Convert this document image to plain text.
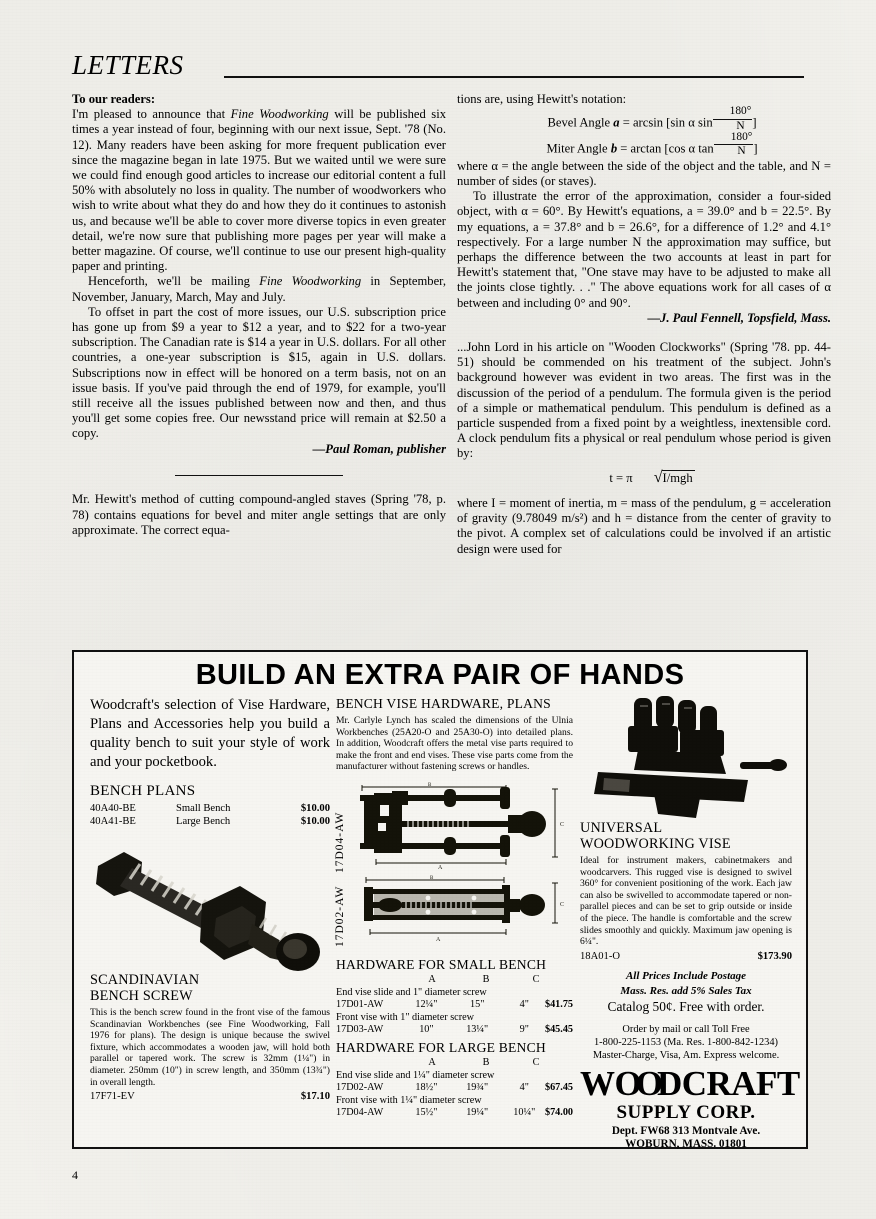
LETTERS

To our readers:

I'm pleased to announce that Fine Woodworking will be published six times a year instead of four, beginning with our next issue, Sept. '78 (No. 12). Many readers have been asking for more frequent publication ever since the magazine began in late 1975. But we waited until we were sure we could find enough good articles to increase our editorial content a full 50% with absolutely no loss in quality. The number of woodworkers who wish to write about what they do and how they do it continues to astonish us, and because we'll be able to cover more diverse topics in even greater detail, we're now sure that publishing more pages per year will make a better magazine. Of course, we'll continue to use our present high-quality paper and printing.

Henceforth, we'll be mailing Fine Woodworking in September, November, January, March, May and July.

To offset in part the cost of more issues, our U.S. subscription price has gone up from $9 a year to $12 a year, and to $22 for a two-year subscription. The Canadian rate is $14 a year in U.S. dollars. For all other countries, a one-year subscription is $15, again in U.S. dollars. Subscriptions now in effect will be honored on a term basis, not on an issue basis. If you've paid through the end of 1979, for example, you'll still receive all the issues published between now and then, and thus you'll get some copies free. Our newsstand price will remain at $2.50 a copy.

—Paul Roman, publisher

Mr. Hewitt's method of cutting compound-angled staves (Spring '78, p. 78) contains equations for bevel and miter angle settings that are only approximate. The correct equa-

tions are, using Hewitt's notation:

Bevel Angle a = arcsin [sin α $\sin \frac{180^\circ}{N}$ ]

Miter Angle b = arctan [cos α $\tan \frac{180^\circ}{N}$ ]

where α = the angle between the side of the object and the table, and N = number of sides (or staves).

To illustrate the error of the approximation, consider a four-sided object, with α = 60°. By Hewitt's equations, a = 39.0° and b = 22.5°. By my equations, a = 37.8° and b = 26.6°, for a difference of 1.2° and 4.1° respectively. For a large number N the approximation may suffice, but perhaps the difference between the two accounts at least in part for Hewitt's statement that, "One stave may have to be adjusted to make all the joints close tightly. . ." The above equations work for all cases of α between and including 0° and 90°.

—J. Paul Fennell, Topsfield, Mass.

...John Lord in his article on "Wooden Clockworks" (Spring '78. pp. 44-51) should be commended on his treatment of the subject. John's background however was evident in two areas. The first was in the discussion of the period of a pendulum. The formula given is the period of a simple or mathematical pendulum. This pendulum is defined as a particle suspended from a fixed point by a weightless, inextensible cord. A clock pendulum fits a physical or real pendulum whose period is given by:

t = π √I/mgh

where I = moment of inertia, m = mass of the pendulum, g = acceleration of gravity (9.78049 m/s²) and h = distance from the center of gravity to the pivot. A complex set of calculations could be involved if an artistic design were used for

BUILD AN EXTRA PAIR OF HANDS
Woodcraft's selection of Vise Hardware, Plans and Accessories help you build a quality bench to suit your style of work and your pocketbook.
BENCH PLANS
40A40-BE	Small Bench	$10.00
40A41-BE	Large Bench	$10.00
SCANDINAVIAN
BENCH SCREW
This is the bench screw found in the front vise of the famous Scandinavian Workbenches (see Fine Woodworking, Fall 1976 for plans). The design is unique because the swivel fixture, which accommodates a wooden jaw, will hold both parallel or tapered work. The screw is 32mm (1¼") in diameter. 250mm (10") in screw length, and 350mm (13¾") in overall length.
17F71-EV	$17.10
BENCH VISE HARDWARE, PLANS
Mr. Carlyle Lynch has scaled the dimensions of the Ulnia Workbenches (25A20-O and 25A30-O) into detailed plans. In addition, Woodcraft offers the metal vise parts required to make the front and end vises. These vise parts come from the manufacturer without fastening screws or handles.
17D04-AW
17D02-AW
B
C
A
B
C
A
HARDWARE FOR SMALL BENCH
A	B	C
End vise slide and 1" diameter screw
17D01-AW	12¼"	15"	4"	$41.75
Front vise with 1" diameter screw
17D03-AW	10"	13¼"	9"	$45.45
HARDWARE FOR LARGE BENCH
A	B	C
End vise slide and 1¼" diameter screw
17D02-AW	18½"	19¾"	4"	$67.45
Front vise with 1¼" diameter screw
17D04-AW	15½"	19¼"	10¼" $74.00
UNIVERSAL
WOODWORKING VISE
Ideal for instrument makers, cabinetmakers and woodcarvers. This rugged vise is designed to swivel 360° for convenient positioning of the work. Each jaw can also be swivelled to accommodate tapered or non-parallel pieces and can be set to grip outside or inside of the piece. The handle is comfortable and the screw slides smoothly and quickly. Maximum jaw opening is 6¼".
18A01-O	$173.90
All Prices Include Postage
Mass. Res. add 5% Sales Tax
Catalog 50¢. Free with order.
Order by mail or call Toll Free
1-800-225-1153 (Ma. Res. 1-800-842-1234)
Master-Charge, Visa, Am. Express welcome.
WOODCRAFT
SUPPLY CORP.
Dept. FW68 313 Montvale Ave.
WOBURN, MASS. 01801
4
